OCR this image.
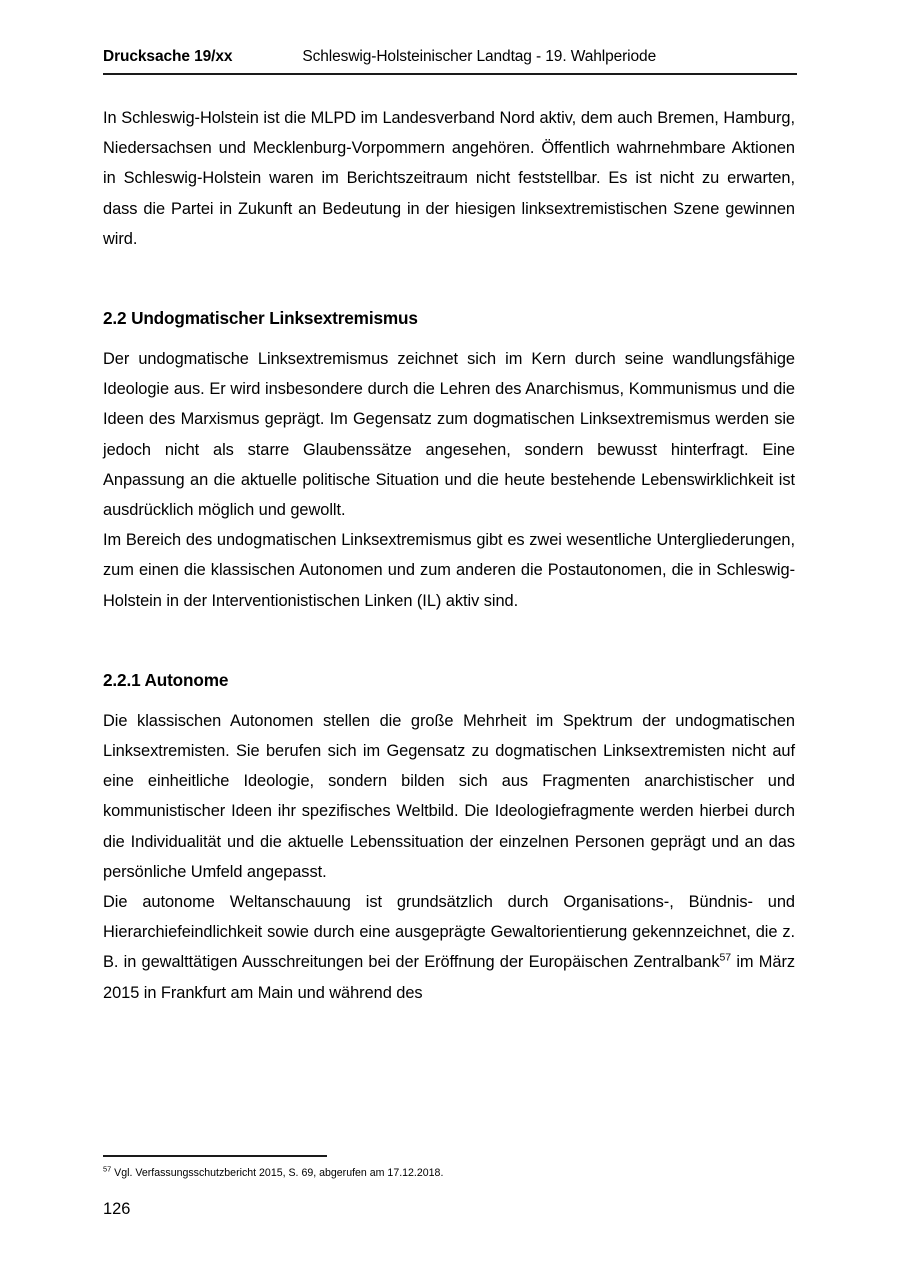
Drucksache 19/xx	Schleswig-Holsteinischer Landtag - 19. Wahlperiode

In Schleswig-Holstein ist die MLPD im Landesverband Nord aktiv, dem auch Bremen, Hamburg, Niedersachsen und Mecklenburg-Vorpommern angehören. Öffentlich wahrnehmbare Aktionen in Schleswig-Holstein waren im Berichtszeitraum nicht feststellbar. Es ist nicht zu erwarten, dass die Partei in Zukunft an Bedeutung in der hiesigen linksextremistischen Szene gewinnen wird.

2.2 Undogmatischer Linksextremismus

Der undogmatische Linksextremismus zeichnet sich im Kern durch seine wandlungsfähige Ideologie aus. Er wird insbesondere durch die Lehren des Anarchismus, Kommunismus und die Ideen des Marxismus geprägt. Im Gegensatz zum dogmatischen Linksextremismus werden sie jedoch nicht als starre Glaubenssätze angesehen, sondern bewusst hinterfragt. Eine Anpassung an die aktuelle politische Situation und die heute bestehende Lebenswirklichkeit ist ausdrücklich möglich und gewollt.

Im Bereich des undogmatischen Linksextremismus gibt es zwei wesentliche Untergliederungen, zum einen die klassischen Autonomen und zum anderen die Postautonomen, die in Schleswig-Holstein in der Interventionistischen Linken (IL) aktiv sind.

2.2.1 Autonome

Die klassischen Autonomen stellen die große Mehrheit im Spektrum der undogmatischen Linksextremisten. Sie berufen sich im Gegensatz zu dogmatischen Linksextremisten nicht auf eine einheitliche Ideologie, sondern bilden sich aus Fragmenten anarchistischer und kommunistischer Ideen ihr spezifisches Weltbild. Die Ideologiefragmente werden hierbei durch die Individualität und die aktuelle Lebenssituation der einzelnen Personen geprägt und an das persönliche Umfeld angepasst.

Die autonome Weltanschauung ist grundsätzlich durch Organisations-, Bündnis- und Hierarchiefeindlichkeit sowie durch eine ausgeprägte Gewaltorientierung gekennzeichnet, die z. B. in gewalttätigen Ausschreitungen bei der Eröffnung der Europäischen Zentralbank$^{57}$ im März 2015 in Frankfurt am Main und während des

$^{57}$ Vgl. Verfassungsschutzbericht 2015, S. 69, abgerufen am 17.12.2018.
126
